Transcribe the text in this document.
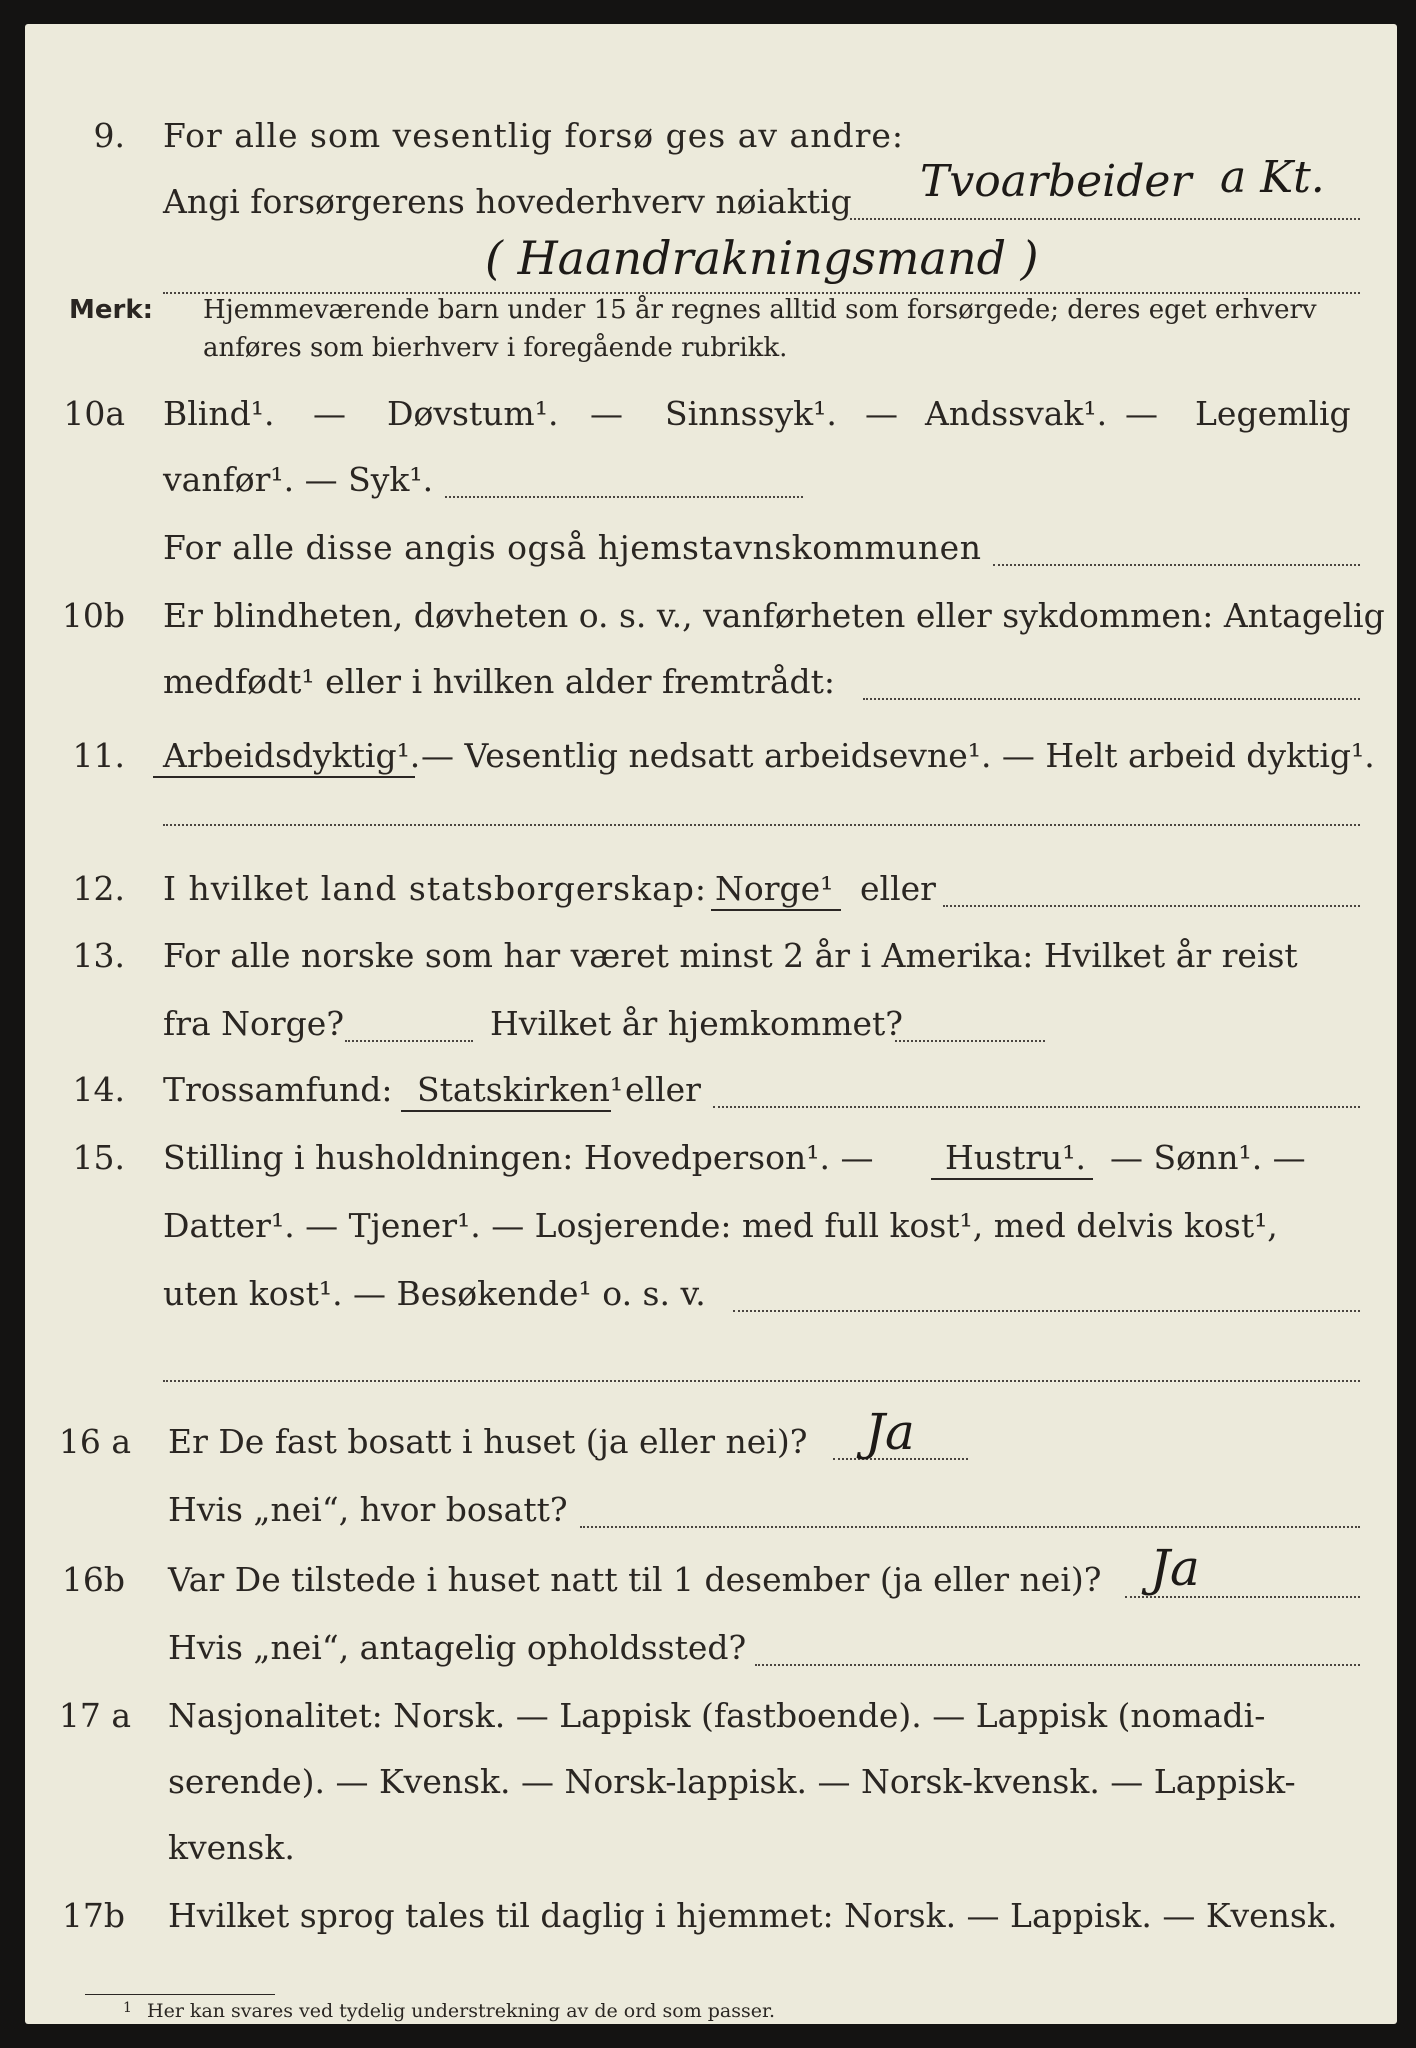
9. For alle som vesentlig forsø ges av andre:
Angi forsørgerens hovederhverv nøiaktig Tvoarbeider a Kt.
( Haandrakningsmand )
Merk: Hjemmeværende barn under 15 år regnes alltid som forsørgede; deres eget erhverv
anføres som bierhverv i foregående rubrikk.
10a Blind¹. — Døvstum¹. — Sinnssyk¹. — Andssvak¹. — Legemlig
vanfør¹. — Syk¹.
For alle disse angis også hjemstavnskommunen
10b Er blindheten, døvheten o. s. v., vanførheten eller sykdommen: Antagelig
medfødt¹ eller i hvilken alder fremtrådt:
11. Arbeidsdyktig¹. — Vesentlig nedsatt arbeidsevne¹. — Helt arbeid dyktig¹.
12. I hvilket land statsborgerskap: Norge¹ eller
13. For alle norske som har været minst 2 år i Amerika: Hvilket år reist
fra Norge?	Hvilket år hjemkommet?
14. Trossamfund: Statskirken¹ eller
15. Stilling i husholdningen: Hovedperson¹. — Hustru¹. — Sønn¹. —
Datter¹. — Tjener¹. — Losjerende: med full kost¹, med delvis kost¹,
uten kost¹. — Besøkende¹ o. s. v.
16 a Er De fast bosatt i huset (ja eller nei)? Ja
Hvis „nei“, hvor bosatt?
16b Var De tilstede i huset natt til 1 desember (ja eller nei)? Ja
Hvis „nei“, antagelig opholdssted?
17 a Nasjonalitet: Norsk. — Lappisk (fastboende). — Lappisk (nomadi-
serende). — Kvensk. — Norsk-lappisk. — Norsk-kvensk. — Lappisk-
kvensk.
17b Hvilket sprog tales til daglig i hjemmet: Norsk. — Lappisk. — Kvensk.
1 Her kan svares ved tydelig understrekning av de ord som passer.
